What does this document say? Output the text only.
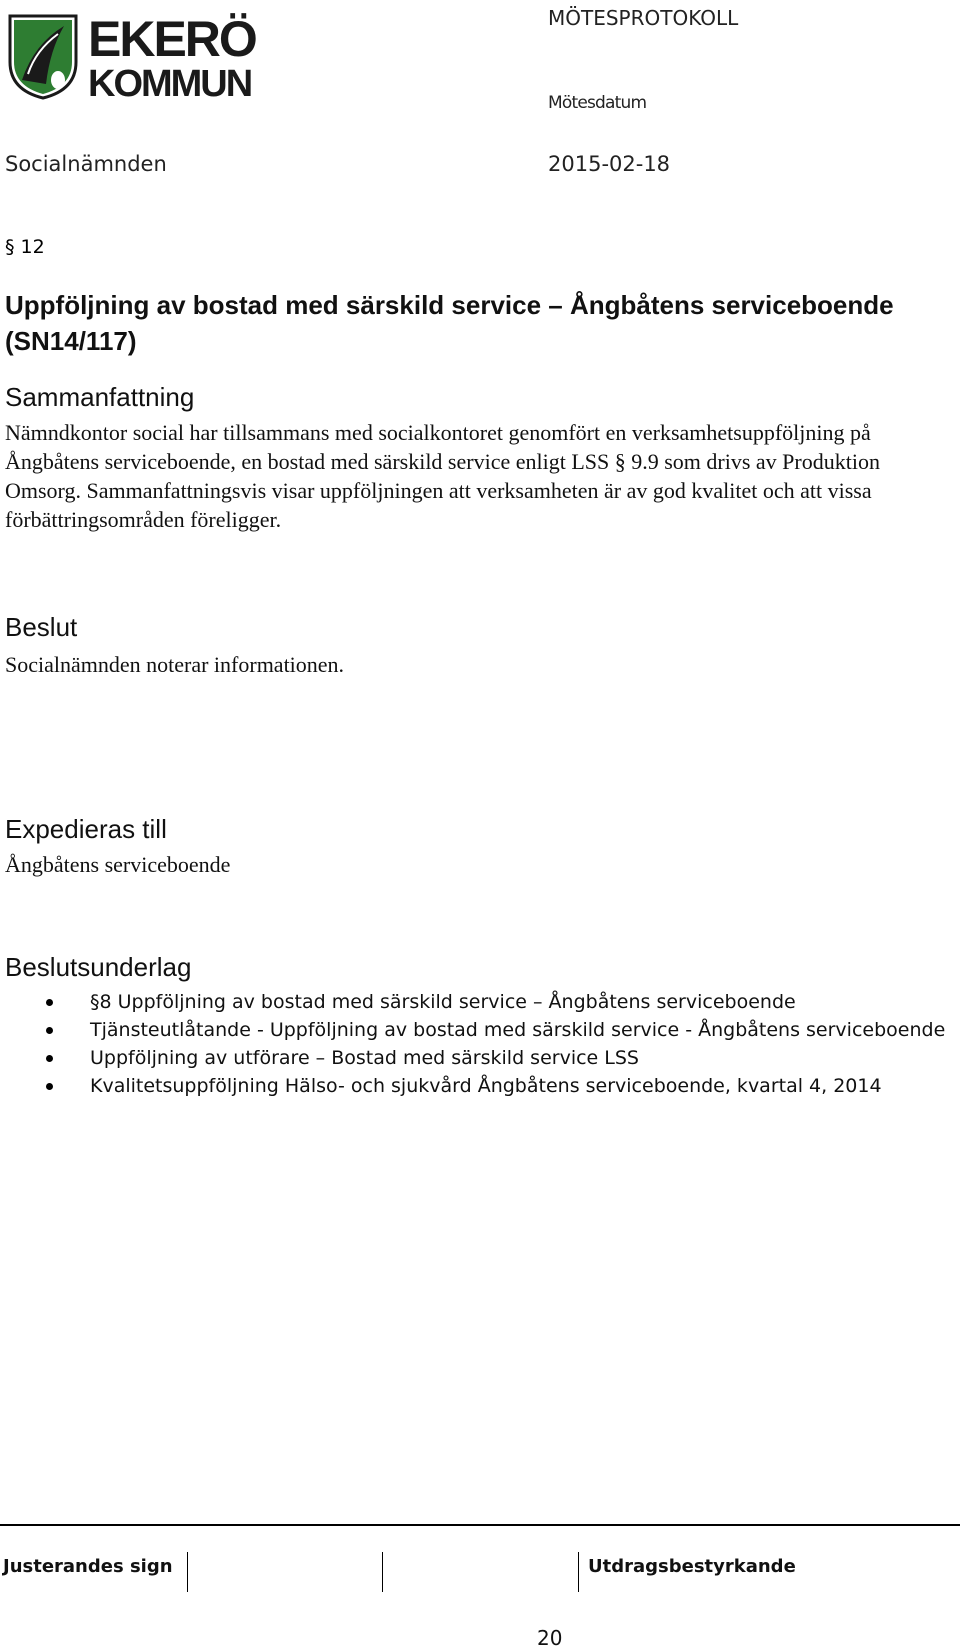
EKERÖ
KOMMUN
MÖTESPROTOKOLL
Mötesdatum
Socialnämnden	2015-02-18
§ 12
Uppföljning av bostad med särskild service – Ångbåtens serviceboende (SN14/117)
Sammanfattning
Nämndkontor social har tillsammans med socialkontoret genomfört en verksamhetsuppföljning på Ångbåtens serviceboende, en bostad med särskild service enligt LSS § 9.9 som drivs av Produktion Omsorg. Sammanfattningsvis visar uppföljningen att verksamheten är av god kvalitet och att vissa förbättringsområden föreligger.
Beslut
Socialnämnden noterar informationen.
Expedieras till
Ångbåtens serviceboende
Beslutsunderlag
§8 Uppföljning av bostad med särskild service – Ångbåtens serviceboende
Tjänsteutlåtande - Uppföljning av bostad med särskild service - Ångbåtens serviceboende
Uppföljning av utförare – Bostad med särskild service LSS
Kvalitetsuppföljning Hälso- och sjukvård Ångbåtens serviceboende, kvartal 4, 2014
Justerandes sign	Utdragsbestyrkande
20
